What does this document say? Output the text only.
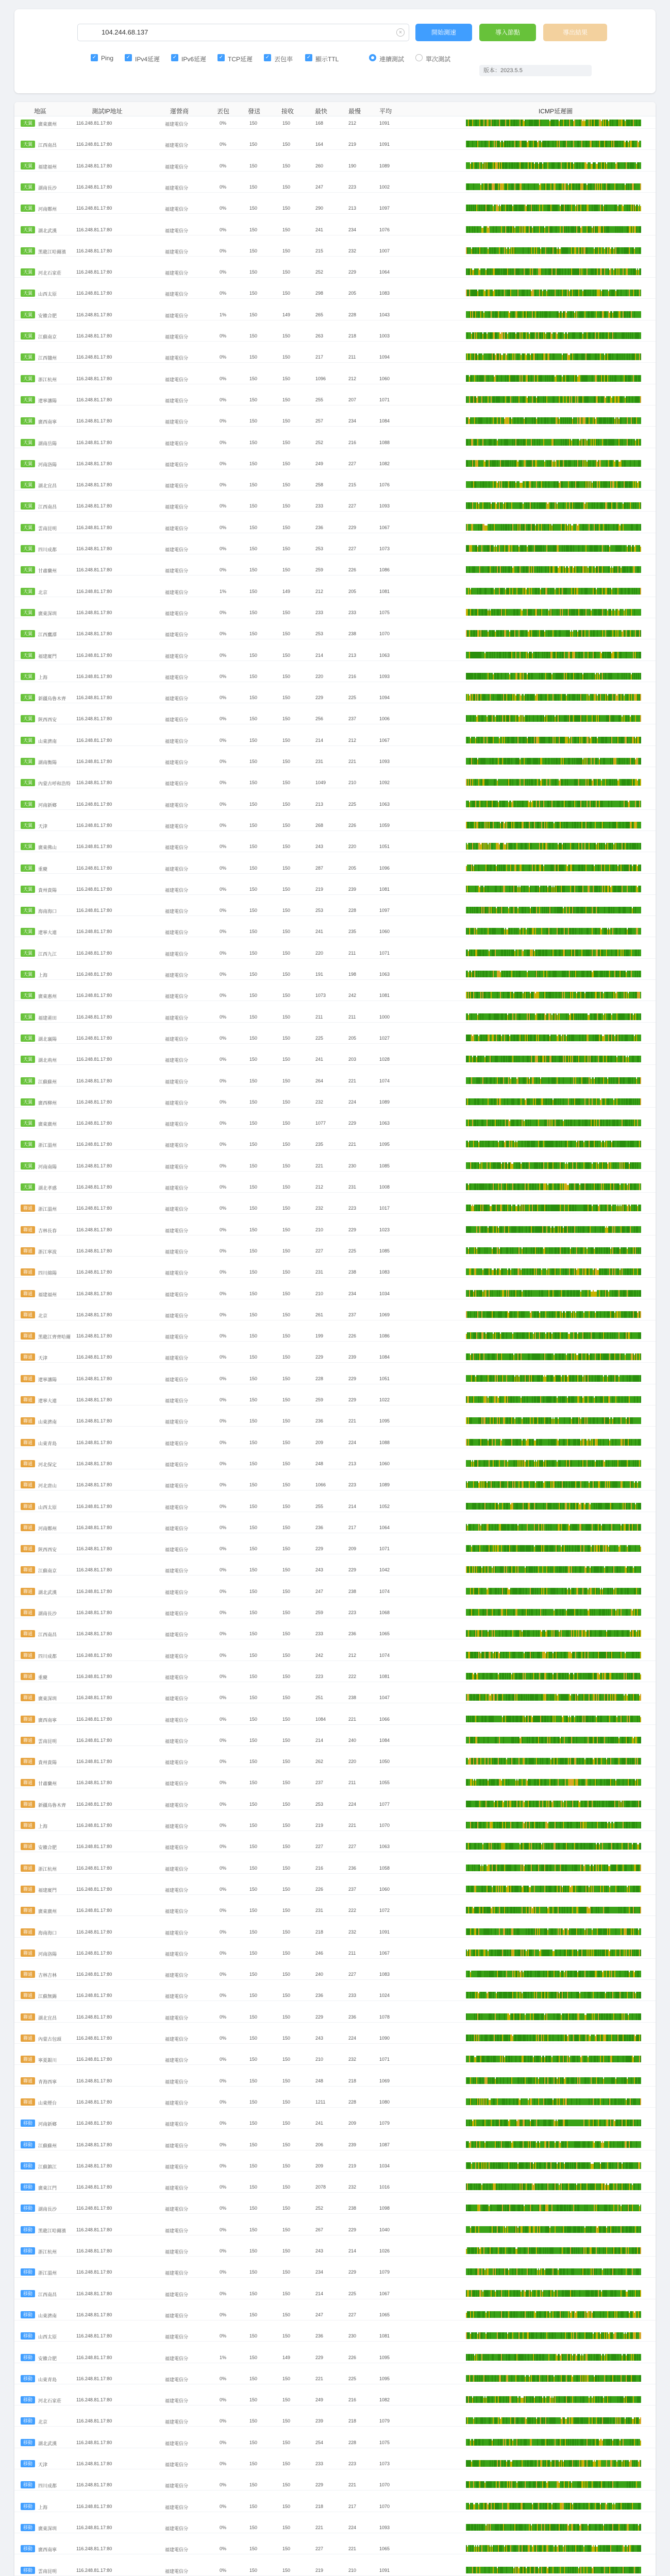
104.244.68.137
×	開始測速	導入節點	導出結果
✓ Ping ✓ IPv4延遲 ✓ IPv6延遲 ✓ TCP延遲 ✓ 丟包率	✓ 顯示TTL	連續測試	單次測試
版本：2023.5.5
地區	測試IP地址	運營商	丟包	發送	接收	最快	最慢	平均	ICMP延遲圖
天翼	廣東廣州	116.248.81.17:80	福建電信分	0%	150	150	168	212	1091
天翼	江西南昌	116.248.81.17:80	福建電信分	0%	150	150	164	219	1091
天翼	福建福州	116.248.81.17:80	福建電信分	0%	150	150	260	190	1089
天翼	湖南長沙	116.248.81.17:80	福建電信分	0%	150	150	247	223	1002
天翼	河南鄭州	116.248.81.17:80	福建電信分	0%	150	150	290	213	1097
天翼	湖北武漢	116.248.81.17:80	福建電信分	0%	150	150	241	234	1076
天翼	黑龍江哈爾濱 116.248.81.17:80	福建電信分	0%	150	150	215	232	1007
天翼	河北石家莊	116.248.81.17:80	福建電信分	0%	150	150	252	229	1064
天翼	山西太原	116.248.81.17:80	福建電信分	0%	150	150	298	205	1083
天翼	安徽合肥	116.248.81.17:80	福建電信分	1%	150	149	265	228	1043
天翼	江蘇南京	116.248.81.17:80	福建電信分	0%	150	150	263	218	1003
天翼	江西贛州	116.248.81.17:80	福建電信分	0%	150	150	217	211	1094
天翼	浙江杭州	116.248.81.17:80	福建電信分	0%	150	150	1096	212	1060
天翼	遼寧瀋陽	116.248.81.17:80	福建電信分	0%	150	150	255	207	1071
天翼	廣西南寧	116.248.81.17:80	福建電信分	0%	150	150	257	234	1084
天翼	湖南岳陽	116.248.81.17:80	福建電信分	0%	150	150	252	216	1088
天翼	河南洛陽	116.248.81.17:80	福建電信分	0%	150	150	249	227	1082
天翼	湖北宜昌	116.248.81.17:80	福建電信分	0%	150	150	258	215	1076
天翼	江西南昌	116.248.81.17:80	福建電信分	0%	150	150	233	227	1093
天翼	雲南昆明	116.248.81.17:80	福建電信分	0%	150	150	236	229	1067
天翼	四川成都	116.248.81.17:80	福建電信分	0%	150	150	253	227	1073
天翼	甘肅蘭州	116.248.81.17:80	福建電信分	0%	150	150	259	226	1086
天翼	北京	116.248.81.17:80	福建電信分	1%	150	149	212	205	1081
天翼	廣東深圳	116.248.81.17:80	福建電信分	0%	150	150	233	233	1075
天翼	江西鷹潭	116.248.81.17:80	福建電信分	0%	150	150	253	238	1070
天翼	福建廈門	116.248.81.17:80	福建電信分	0%	150	150	214	213	1063
天翼	上海	116.248.81.17:80	福建電信分	0%	150	150	220	216	1093
天翼	新疆烏魯木齊 116.248.81.17:80	福建電信分	0%	150	150	229	225	1094
天翼	陝西西安	116.248.81.17:80	福建電信分	0%	150	150	256	237	1006
天翼	山東濟南	116.248.81.17:80	福建電信分	0%	150	150	214	212	1067
天翼	湖南衡陽	116.248.81.17:80	福建電信分	0%	150	150	231	221	1093
天翼	內蒙古呼和浩特 116.248.81.17:80	福建電信分	0%	150	150	1049	210	1092
天翼	河南新鄉	116.248.81.17:80	福建電信分	0%	150	150	213	225	1063
天翼	天津	116.248.81.17:80	福建電信分	0%	150	150	268	226	1059
天翼	廣東佛山	116.248.81.17:80	福建電信分	0%	150	150	243	220	1051
天翼	重慶	116.248.81.17:80	福建電信分	0%	150	150	287	205	1096
天翼	貴州貴陽	116.248.81.17:80	福建電信分	0%	150	150	219	239	1081
天翼	海南海口	116.248.81.17:80	福建電信分	0%	150	150	253	228	1097
天翼	遼寧大連	116.248.81.17:80	福建電信分	0%	150	150	241	235	1060
天翼	江西九江	116.248.81.17:80	福建電信分	0%	150	150	220	211	1071
天翼	上海	116.248.81.17:80	福建電信分	0%	150	150	191	198	1063
天翼	廣東惠州	116.248.81.17:80	福建電信分	0%	150	150	1073	242	1081
天翼	福建莆田	116.248.81.17:80	福建電信分	0%	150	150	211	211	1000
天翼	湖北襄陽	116.248.81.17:80	福建電信分	0%	150	150	225	205	1027
天翼	湖北荊州	116.248.81.17:80	福建電信分	0%	150	150	241	203	1028
天翼	江蘇蘇州	116.248.81.17:80	福建電信分	0%	150	150	264	221	1074
天翼	廣西柳州	116.248.81.17:80	福建電信分	0%	150	150	232	224	1089
天翼	廣東廣州	116.248.81.17:80	福建電信分	0%	150	150	1077	229	1063
天翼	浙江溫州	116.248.81.17:80	福建電信分	0%	150	150	235	221	1095
天翼	河南南陽	116.248.81.17:80	福建電信分	0%	150	150	221	230	1085
天翼	湖北孝感	116.248.81.17:80	福建電信分	0%	150	150	212	231	1008
聯通	浙江溫州	116.248.81.17:80	福建電信分	0%	150	150	232	223	1017
聯通	吉林長春	116.248.81.17:80	福建電信分	0%	150	150	210	229	1023
聯通	浙江寧波	116.248.81.17:80	福建電信分	0%	150	150	227	225	1085
聯通	四川綿陽	116.248.81.17:80	福建電信分	0%	150	150	231	238	1083
聯通	福建福州	116.248.81.17:80	福建電信分	0%	150	150	210	234	1034
聯通	北京	116.248.81.17:80	福建電信分	0%	150	150	261	237	1069
聯通	黑龍江齊齊哈爾 116.248.81.17:80	福建電信分	0%	150	150	199	226	1086
聯通	天津	116.248.81.17:80	福建電信分	0%	150	150	229	239	1084
聯通	遼寧瀋陽	116.248.81.17:80	福建電信分	0%	150	150	228	229	1051
聯通	遼寧大連	116.248.81.17:80	福建電信分	0%	150	150	259	229	1022
聯通	山東濟南	116.248.81.17:80	福建電信分	0%	150	150	236	221	1095
聯通	山東青島	116.248.81.17:80	福建電信分	0%	150	150	209	224	1088
聯通	河北保定	116.248.81.17:80	福建電信分	0%	150	150	248	213	1060
聯通	河北唐山	116.248.81.17:80	福建電信分	0%	150	150	1066	223	1089
聯通	山西太原	116.248.81.17:80	福建電信分	0%	150	150	255	214	1052
聯通	河南鄭州	116.248.81.17:80	福建電信分	0%	150	150	236	217	1064
聯通	陝西西安	116.248.81.17:80	福建電信分	0%	150	150	229	209	1071
聯通	江蘇南京	116.248.81.17:80	福建電信分	0%	150	150	243	229	1042
聯通	湖北武漢	116.248.81.17:80	福建電信分	0%	150	150	247	238	1074
聯通	湖南長沙	116.248.81.17:80	福建電信分	0%	150	150	259	223	1068
聯通	江西南昌	116.248.81.17:80	福建電信分	0%	150	150	233	236	1065
聯通	四川成都	116.248.81.17:80	福建電信分	0%	150	150	242	212	1074
聯通	重慶	116.248.81.17:80	福建電信分	0%	150	150	223	222	1081
聯通	廣東深圳	116.248.81.17:80	福建電信分	0%	150	150	251	238	1047
聯通	廣西南寧	116.248.81.17:80	福建電信分	0%	150	150	1084	221	1066
聯通	雲南昆明	116.248.81.17:80	福建電信分	0%	150	150	214	240	1084
聯通	貴州貴陽	116.248.81.17:80	福建電信分	0%	150	150	262	220	1050
聯通	甘肅蘭州	116.248.81.17:80	福建電信分	0%	150	150	237	211	1055
聯通	新疆烏魯木齊 116.248.81.17:80	福建電信分	0%	150	150	253	224	1077
聯通	上海	116.248.81.17:80	福建電信分	0%	150	150	219	221	1070
聯通	安徽合肥	116.248.81.17:80	福建電信分	0%	150	150	227	227	1063
聯通	浙江杭州	116.248.81.17:80	福建電信分	0%	150	150	216	236	1058
聯通	福建廈門	116.248.81.17:80	福建電信分	0%	150	150	226	237	1060
聯通	廣東廣州	116.248.81.17:80	福建電信分	0%	150	150	231	222	1072
聯通	海南海口	116.248.81.17:80	福建電信分	0%	150	150	218	232	1091
聯通	河南洛陽	116.248.81.17:80	福建電信分	0%	150	150	246	211	1067
聯通	吉林吉林	116.248.81.17:80	福建電信分	0%	150	150	240	227	1083
聯通	江蘇無錫	116.248.81.17:80	福建電信分	0%	150	150	236	233	1024
聯通	湖北宜昌	116.248.81.17:80	福建電信分	0%	150	150	229	236	1078
聯通	內蒙古包頭	116.248.81.17:80	福建電信分	0%	150	150	243	224	1090
聯通	寧夏銀川	116.248.81.17:80	福建電信分	0%	150	150	210	232	1071
聯通	青海西寧	116.248.81.17:80	福建電信分	0%	150	150	248	218	1069
聯通	山東煙台	116.248.81.17:80	福建電信分	0%	150	150	1211	228	1080
移動	河南新鄉	116.248.81.17:80	福建電信分	0%	150	150	241	209	1079
移動	江蘇蘇州	116.248.81.17:80	福建電信分	0%	150	150	206	239	1087
移動	江蘇鎮江	116.248.81.17:80	福建電信分	0%	150	150	209	219	1034
移動	廣東江門	116.248.81.17:80	福建電信分	0%	150	150	2078	232	1016
移動	湖南長沙	116.248.81.17:80	福建電信分	0%	150	150	252	238	1098
移動	黑龍江哈爾濱 116.248.81.17:80	福建電信分	0%	150	150	267	229	1040
移動	浙江杭州	116.248.81.17:80	福建電信分	0%	150	150	243	214	1026
移動	浙江溫州	116.248.81.17:80	福建電信分	0%	150	150	234	229	1079
移動	江西南昌	116.248.81.17:80	福建電信分	0%	150	150	214	225	1067
移動	山東濟南	116.248.81.17:80	福建電信分	0%	150	150	247	227	1065
移動	山西太原	116.248.81.17:80	福建電信分	0%	150	150	236	230	1081
移動	安徽合肥	116.248.81.17:80	福建電信分	1%	150	149	229	226	1095
移動	山東青島	116.248.81.17:80	福建電信分	0%	150	150	221	225	1095
移動	河北石家莊	116.248.81.17:80	福建電信分	0%	150	150	249	216	1082
移動	北京	116.248.81.17:80	福建電信分	0%	150	150	239	218	1079
移動	湖北武漢	116.248.81.17:80	福建電信分	0%	150	150	254	228	1075
移動	天津	116.248.81.17:80	福建電信分	0%	150	150	233	223	1073
移動	四川成都	116.248.81.17:80	福建電信分	0%	150	150	229	221	1070
移動	上海	116.248.81.17:80	福建電信分	0%	150	150	218	217	1070
移動	廣東深圳	116.248.81.17:80	福建電信分	0%	150	150	221	224	1093
移動	廣西南寧	116.248.81.17:80	福建電信分	0%	150	150	227	221	1065
移動	雲南昆明	116.248.81.17:80	福建電信分	0%	150	150	219	210	1091
